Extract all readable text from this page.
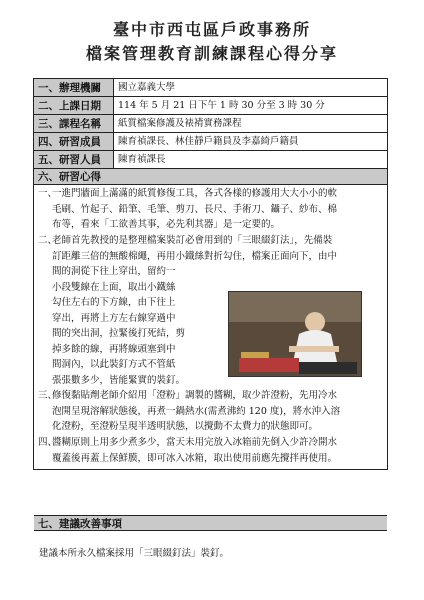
臺中市西屯區戶政事務所
檔案管理教育訓練課程心得分享
一、辦理機關	國立嘉義大學
二、上課日期	114 年 5 月 21 日下午 1 時 30 分至 3 時 30 分
三、課程名稱	紙質檔案修護及裱褙實務課程
四、研習成員	陳育禎課長、林佳靜戶籍員及李嘉綺戶籍員
五、研習人員	陳育禎課長
六、研習心得
一、
一進門牆面上滿滿的紙質修復工具，各式各樣的修護用大大小小的軟
毛刷、竹起子、鉛筆、毛筆、剪刀、長尺、手術刀、鑷子、紗布、棉
布等，看來「工欲善其事，必先利其器」是一定要的。
二、
老師首先教授的是整理檔案裝訂必會用到的「三眼綴釘法」，先備裝
訂距離三倍的無酸棉繩，再用小鐵絲對折勾住，檔案正面向下，由中
間的洞從下往上穿出，留約一
小段雙線在上面，取出小鐵絲
勾住左右的下方線，由下往上
穿出，再將上方左右線穿過中
間的突出洞，拉緊後打死結，剪
掉多餘的線，再將線頭塞到中
間洞內，以此裝釘方式不管紙
張張數多少，皆能緊實的裝釘。
三、
修復黏貼劑老師介紹用「澄粉」調製的醬糊，取少許澄粉，先用冷水
泡開呈現溶解狀態後，再煮一鍋熱水(需煮沸約 120 度)，將水沖入溶
化澄粉，至澄粉呈現半透明狀態，以攪動不太費力的狀態即可。
四、
醬糊原則上用多少煮多少，當天未用完放入冰箱前先倒入少許冷開水
覆蓋後再蓋上保鮮膜，即可冰入冰箱，取出使用前應先攪拌再使用。
七、建議改善事項
建議本所永久檔案採用「三眼綴釘法」裝釘。
